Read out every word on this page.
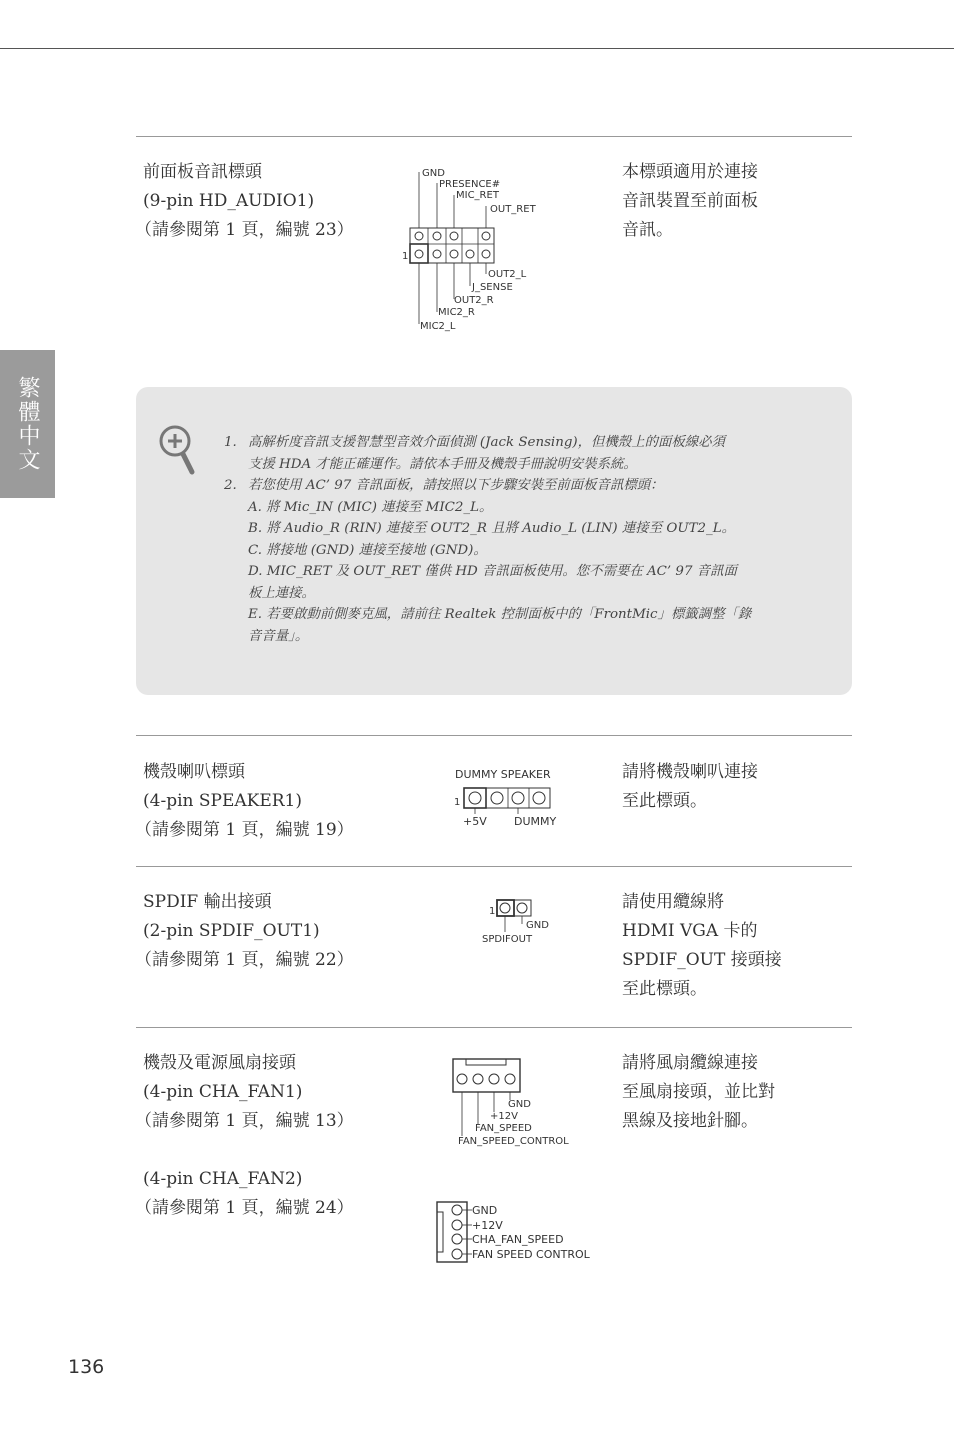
繁體中文
前面板音訊標頭
(9-pin HD_AUDIO1)
（請參閱第 1 頁，編號 23）
GND
PRESENCE#
MIC_RET
OUT_RET
1
OUT2_L
J_SENSE
OUT2_R
MIC2_R
MIC2_L
本標頭適用於連接
音訊裝置至前面板
音訊。
1. 高解析度音訊支援智慧型音效介面偵測 (Jack Sensing)，但機殼上的面板線必須
支援 HDA 才能正確運作。請依本手冊及機殼手冊說明安裝系統。
2. 若您使用 AC’ 97 音訊面板，請按照以下步驟安裝至前面板音訊標頭：
A. 將 Mic_IN (MIC) 連接至 MIC2_L。
B. 將 Audio_R (RIN) 連接至 OUT2_R 且將 Audio_L (LIN) 連接至 OUT2_L。
C. 將接地 (GND) 連接至接地 (GND)。
D. MIC_RET 及 OUT_RET 僅供 HD 音訊面板使用。您不需要在 AC’ 97 音訊面
板上連接。
E. 若要啟動前側麥克風，請前往 Realtek 控制面板中的「FrontMic」標籤調整「錄
音音量」。
機殼喇叭標頭
(4-pin SPEAKER1)
（請參閱第 1 頁，編號 19）
DUMMY SPEAKER
1
+5V DUMMY
請將機殼喇叭連接
至此標頭。
SPDIF 輸出接頭
(2-pin SPDIF_OUT1)
（請參閱第 1 頁，編號 22）
1
GND
SPDIFOUT
請使用纜線將
HDMI VGA 卡的
SPDIF_OUT 接頭接
至此標頭。
機殼及電源風扇接頭
(4-pin CHA_FAN1)
（請參閱第 1 頁，編號 13）
(4-pin CHA_FAN2)
（請參閱第 1 頁，編號 24）
GND
+12V
FAN_SPEED
FAN_SPEED_CONTROL
GND
+12V
CHA_FAN_SPEED
FAN SPEED CONTROL
請將風扇纜線連接
至風扇接頭，並比對
黑線及接地針腳。
136
